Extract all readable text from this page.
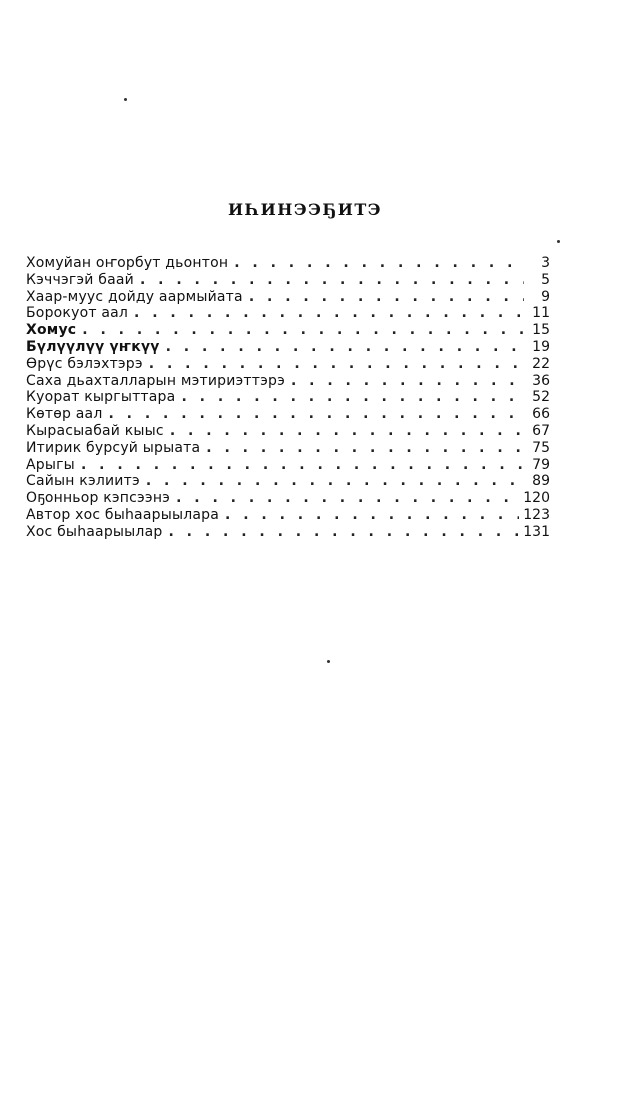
ИҺИНЭЭҔИТЭ
Хомуйан оҥорбут дьонтон . . .	3
Кэччэгэй баай . . .	5
Хаар-муус дойду аармыйата . . .	9
Борокуот аал . . .	11
Хомус . . .	15
Бүлүүлүү үҥкүү . . .	19
Өрүс бэлэхтэрэ . . .	22
Саха дьахталларын мэтириэттэрэ . . .	36
Куорат кыргыттара . . .	52
Көтөр аал . . .	66
Кырасыабай кыыс . . .	67
Итирик бурсуй ырыата . . .	75
Арыгы . . .	79
Сайын кэлиитэ . . .	89
Оҕонньор кэпсээнэ . . .	120
Автор хос быһаарыылара . . .	123
Хос быһаарыылар . . .	131
